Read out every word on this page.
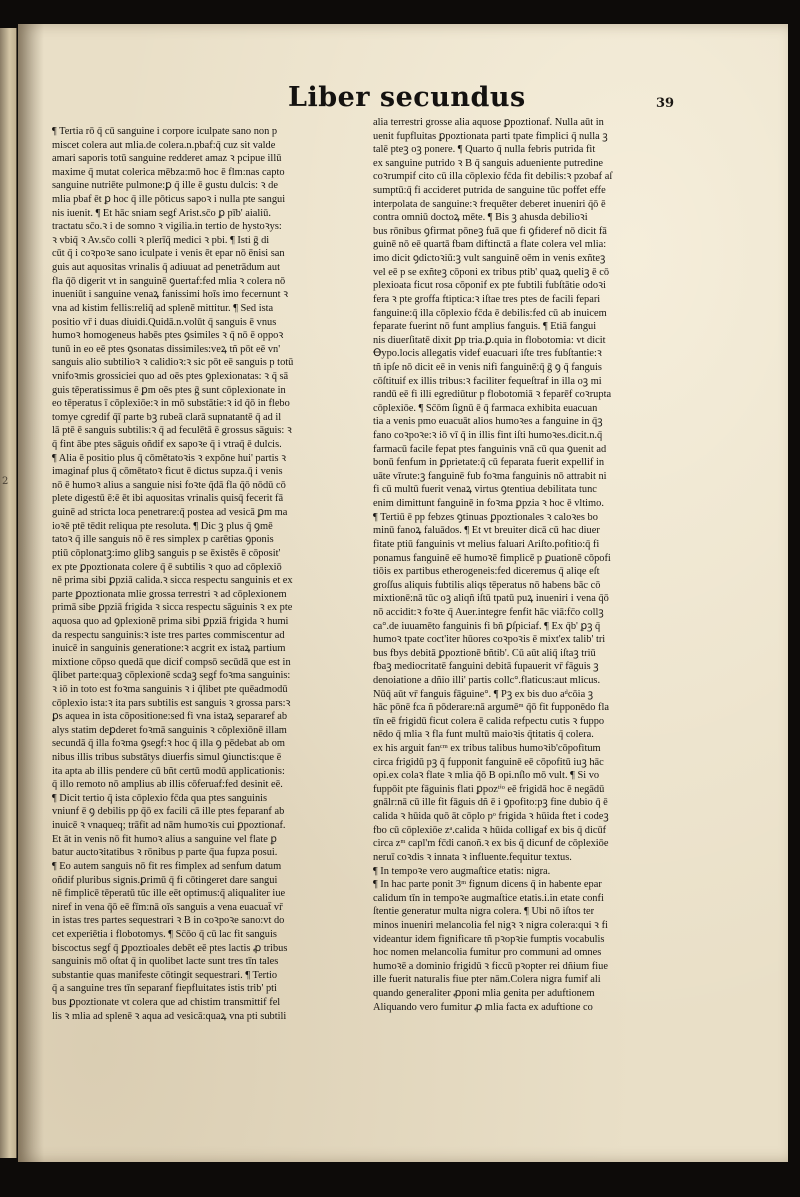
2
Liber secundus	39
¶ Tertia rō q̄ cū sanguine i corpore iculpate sano non p
miscet colera aut mlia.de colera.n.pbaf:q̄ cuz sit valde
amari saporis totū sanguine redderet amaz ꝛ pcipue illū
maxime q̄ mutat colerica mēbza:mō hoc ē flm:nas capto
sanguine nutriēte pulmone:ꝑ q̄ ille ē gustu dulcis: ꝛ de
mlia pbaf ēt ꝑ hoc q̄ ille pōticus sapoꝛ i nulla pte sangui
nis iuenit. ¶ Et hāc sniam segf Arist.sc̄o ꝑ pīb' aialiū.
tractatu sc̄o.ꝛ i de somno ꝛ vigilia.in tertio de hystoꝛys:
ꝛ vbiq̄ ꝛ Av.sc̄o colli ꝛ plerīq̄ medici ꝛ pbi. ¶ Isti ḡ di
cūt q̄ i coꝛpoꝛe sano iculpate i venis ēt epar nō ēnisi san
guis aut aquositas vrinalis q̄ adiuuat ad penetrādum aut
fla q̄ō digerit vt in sanguinē ꝯuertaf:fed mlia ꝛ colera nō
inueniūt i sanguine venaꝝ fanissimi hoīs imo fecernunt ꝛ
vna ad kistim fellis:reliq̄ ad splenē mittitur. ¶ Sed ista
positio vr̄ i duas diuidi.Quidā.n.volūt q̄ sanguis ē vnus
humoꝛ homogeneus habēs ptes ꝯsimiles ꝛ q̄ nō ē oppoꝛ
tunū in eo eē ptes ꝯsonatas dissimiles:veꝝ tñ pōt eē vn'
sanguis alio subtilioꝛ ꝛ calidioꝛ:ꝛ sic pōt eē sanguis p totū
vnifoꝛmis grossiciei quo ad oēs ptes ꝯplexionatas: ꝛ q̄ sā
guis tēperatissimus ē ꝑm oēs ptes ḡ sunt cōplexionate in
eo tēperatus ī cōplexiōe:ꝛ in mō substātie:ꝛ id q̄ō in flebo
tomye cgredif q̄ī parte bꝫ rubeā clarā supnatantē q̄ ad il
lā ptē ē sanguis subtilis:ꝛ q̄ ad feculētā ē grossus sāguis: ꝛ
q̄ fint ābe ptes sāguis oñdif ex sapoꝛe q̄ i vtraq̄ ē dulcis.
¶ Alia ē positio plus q̄ cōmētatoꝛis ꝛ expōne hui' partis ꝛ
imaginaf plus q̄ cōmētatoꝛ ficut ē dictus supza.q̄ i venis
nō ē humoꝛ alius a sanguie nisi foꝛte q̄dā fla q̄ō nōdū cō
plete digestū ē:ē ēt ibi aquositas vrinalis quisq̄ fecerit fā
guinē ad stricta loca penetrare:q̄ postea ad vesicā ꝑm ma
ioꝛē ptē tēdit reliqua pte resoluta. ¶ Dic ꝫ plus q̄ ꝯmē
tatoꝛ q̄ ille sanguis nō ē res simplex p carētias ꝯponis
ptiū cōplonatꝫ:imo glibꝫ sanguis p se ēxistēs ē cōposit'
ex pte ꝑpoztionata colere q̄ ē subtilis ꝛ quo ad cōplexiō
nē prima sibi ꝑpziā calida.ꝛ sicca respectu sanguinis et ex
parte ꝑpoztionata mlie grossa terrestri ꝛ ad cōplexionem
primā sibe ꝑpziā frigida ꝛ sicca respectu sāguinis ꝛ ex pte
aquosa quo ad ꝯplexionē prima sibi ꝑpziā frigida ꝛ humi
da respectu sanguinis:ꝛ iste tres partes commiscentur ad
inuicē in sanguinis generatione:ꝛ acgrit ex istaꝝ partium
mixtione cōpso quedā que dicif compsō secūdā que est in
q̄libet parte:quaꝫ cōplexionē scdaꝫ segf foꝛma sanguinis:
ꝛ iō in toto est foꝛma sanguinis ꝛ i q̄libet pte quēadmodū
cōplexio ista:ꝛ ita pars subtilis est sanguis ꝛ grossa pars:ꝛ
ꝑs aquea in ista cōpositione:sed fi vna istaꝝ separaref ab
alys statim deꝑderet foꝛmā sanguinis ꝛ cōplexiōnē illam
secundā q̄ illa foꝛma ꝯsegf:ꝛ hoc q̄ illa ꝯ pēdebat ab om
nibus illis tribus substātys diuerfis simul ꝯiunctis:que ē
ita apta ab illis pendere cū bñt certū modū applicationis:
q̄ illo remoto nō amplius ab illis cōferuaf:fed desinit eē.
¶ Dicit tertio q̄ ista cōplexio fc̄da qua ptes sanguinis
vniunf ē ꝯ debilis pp q̄ō ex facili cā ille ptes feparanf ab
inuicē ꝛ vnaqueq; trāfit ad nām humoꝛis cui ꝑpoztionaf.
Et āt in venis nō fit humoꝛ alius a sanguine vel flate ꝑ
batur auctoꝛitatibus ꝛ rōnibus p parte q̄ua fupza posui.
¶ Eo autem sanguis nō fit res fimplex ad senfum datum
oñdif pluribus signis.ꝑrimū q̄ fi cōtingeret dare sangui
nē fimplicē tēperatū tūc ille eēt optimus:q̄ aliqualiter iue
niref in vena q̄ō eē fīm:nā oīs sanguis a vena euacuat̄ vr̄
in istas tres partes sequestrari ꝛ B in coꝛpoꝛe sano:vt do
cet experiētia i flobotomys. ¶ Sc̄ōo q̄ cū lac fit sanguis
biscoctus segf q̄ ꝑpoztioales debēt eē ptes lactis ꝓ tribus
sanguinis mō oſtat q̄ in quolibet lacte sunt tres tīn tales
substantie quas manifeste cōtingit sequestrari. ¶ Tertio
q̄ a sanguine tres tīn separanf fiepfluitates istis trib' pti
bus ꝑpoztionate vt colera que ad chistim transmittif fel
lis ꝛ mlia ad splenē ꝛ aqua ad vesicā:quaꝝ vna pti subtili
alia terrestri grosse alia aquose ꝑpoztionaf. Nulla aūt in
uenit fupfluitas ꝑpoztionata parti tpate fimplici q̄ nulla ꝫ
talē pteꝫ oꝫ ponere. ¶ Quarto q̄ nulla febris putrida fit
ex sanguine putrido ꝛ B q̄ sanguis adueniente putredine
coꝛrumpif cito cū illa cōplexio fc̄da fit debilis:ꝛ pzobaf aſ
sumptū:q̄ fi accideret putrida de sanguine tūc poffet effe
interpolata de sanguine:ꝛ frequēter deberet inueniri q̄ō ē
contra omniū doctoꝝ mēte. ¶ Bis ꝫ ahusda debilioꝛi
bus rōnibus ꝯfirmat pōneꝫ fuā que fi ꝯfideref nō dicit fā
guinē nō eē quartā fbam diftinctā a flate colera vel mlia:
imo dicit ꝯdictoꝛiū:ꝫ vult sanguinē oēm in venis exñteꝫ
vel eē p se exñteꝫ cōponi ex tribus ptib' quaꝝ queliꝫ ē cō
plexioata ficut rosa cōponif ex pte fubtili fubſtātie odoꝛi
fera ꝛ pte groffa ftiptica:ꝛ iſtae tres ptes de facili fepari
fanguine:q̄ illa cōplexio fc̄da ē debilis:fed cū ab inuicem
feparate fuerint nō funt amplius fanguis. ¶ Etiā fangui
nis diuerſitatē dixit ꝑp tria.ꝑ.quia in flobotomia: vt dicit
Ꝋypo.locis allegatis videf euacuari iſte tres fubſtantie:ꝛ
tñ ipſe nō dicit eē in venis nifi fanguinē:q̄ ḡ ꝯ q̄ fanguis
cōſtituif ex illis tribus:ꝛ faciliter fequeſtraf in illa oꝫ mi
randū eē fi illi egrediūtur p flobotomiā ꝛ feparēf coꝛrupta
cōplexiōe. ¶ Sc̄ōm ſignū ē q̄ farmaca exhibita euacuan
tia a venis pmo euacuāt alios humoꝛes a fanguine in q̄ꝫ
fano coꝛpoꝛe:ꝛ iō vī q̄ in illis fint iſti humoꝛes.dicit.n.q̄
farmacū facile fepat ptes fanguinis vnā cū qua ꝯuenit ad
bonū fenfum in ꝑprietate:q̄ cū feparata fuerit expellif in
uāte vīrute:ꝫ fanguinē fub foꝛma fanguinis nō attrabit ni
fi cū multū fuerit venaꝝ virtus ꝯtentiua debilitata tunc
enim dimittunt fanguinē in foꝛma ꝑpzia ꝛ hoc ē vltimo.
¶ Tertiū ē pp febzes ꝯtinuas ꝑpoztionales ꝛ caloꝛes bo
minū fanoꝝ faluādos. ¶ Et vt breuiter dicā cū hac diuer
fitate ptiū fanguinis vt melius faluari Ariſto.pofitio:q̄ fi
ponamus fanguinē eē humoꝛē fimplicē p ꝑuationē cōpofi
tiōis ex partibus etherogeneis:fed diceremus q̄ aliqe eſt
groſſus aliquis fubtilis aliqs tēperatus nō habens bāc cō
mixtionē:nā tūc oꝫ aliqñ iſtū tpatū puꝝ inueniri i vena q̄ō
nō accidit:ꝛ foꝛte q̄ Auer.integre fenfit hāc viā:fc̄o collꝫ
ca°.de iuuamēto fanguinis fi bñ ꝑſpiciaf. ¶ Ex q̄b' ꝑꝫ q̄
humoꝛ tpate coct'iter hūores coꝛpoꝛis ē mixt'ex talib' tri
bus fbys debitā ꝑpoztionē bñtib'. Cū aūt aliq̄ iſtaꝫ triū
fbaꝫ mediocritatē fanguini debitā fupauerit vr̄ fāguis ꝫ
denoiatione a dñio illi' partis collc°.flaticus:aut mlicus.
Nūq̄ aūt vr̄ fanguis fāguine°. ¶ Pꝫ ex bis duo aᵈcōia ꝫ
hāc pōnē fca ñ pōderare:nā argumēᵐ q̄ō fit fupponēdo fla
tīn eē frigidū ficut colera ē calida refpectu cutis ꝛ fuppo
nēdo q̄ mlia ꝛ fla funt multū maioꝛis q̄titatis q̄ colera.
ex his arguit fanᶜᵐ ex tribus talibus humoꝛib'cōpofitum
circa frigidū pꝫ q̄ fupponit fanguinē eē cōpofitū iuꝫ hāc
opi.ex colaꝛ flate ꝛ mlia q̄ō B opi.nſlo mō vult. ¶ Si vo
fuppōit pte fāguinis flati ꝑpozᵗⁱᵒ eē frigidā hoc ē negādū
gnālr:nā cū ille fit fāguis dñ ē i ꝯpofito:pꝫ fine dubio q̄ ē
calida ꝛ hūida quō āt cōplo pᵒ frigida ꝛ hūida ftet i codeꝫ
fbo cū cōplexiōe zᵃ.calida ꝛ hūida colligaf ex bis q̄ dicūf
circa zᵐ capl'm fc̄di canoñ.ꝛ ex bis q̄ dicunf de cōplexiōe
neruī coꝛdis ꝛ innata ꝛ influente.fequitur textus.
¶ In tempoꝛe vero augmaſtice etatis: nigra.
¶ In hac parte ponit 3ᵐ fignum dicens q̄ in habente epar
calidum tīn in tempoꝛe augmaſtice etatis.i.in etate confi
ſtentie generatur multa nigra colera. ¶ Ubi nō iſtos ter
minos inueniri melancolia fel nigꝛ ꝛ nigra colera:qui ꝛ fi
videantur idem fignificare tñ pꝛopꝛie fumptis vocabulis
hoc nomen melancolia fumitur pro communi ad omnes
humoꝛē a dominio frigidū ꝛ ficcū pꝛopter rei dñium fiue
ille fuerit naturalis fiue pter nām.Colera nigra fumif ali
quando generaliter ꝓponi mlia genita per aduftionem
Aliquando vero fumitur ꝓ mlia facta ex aduftione co
